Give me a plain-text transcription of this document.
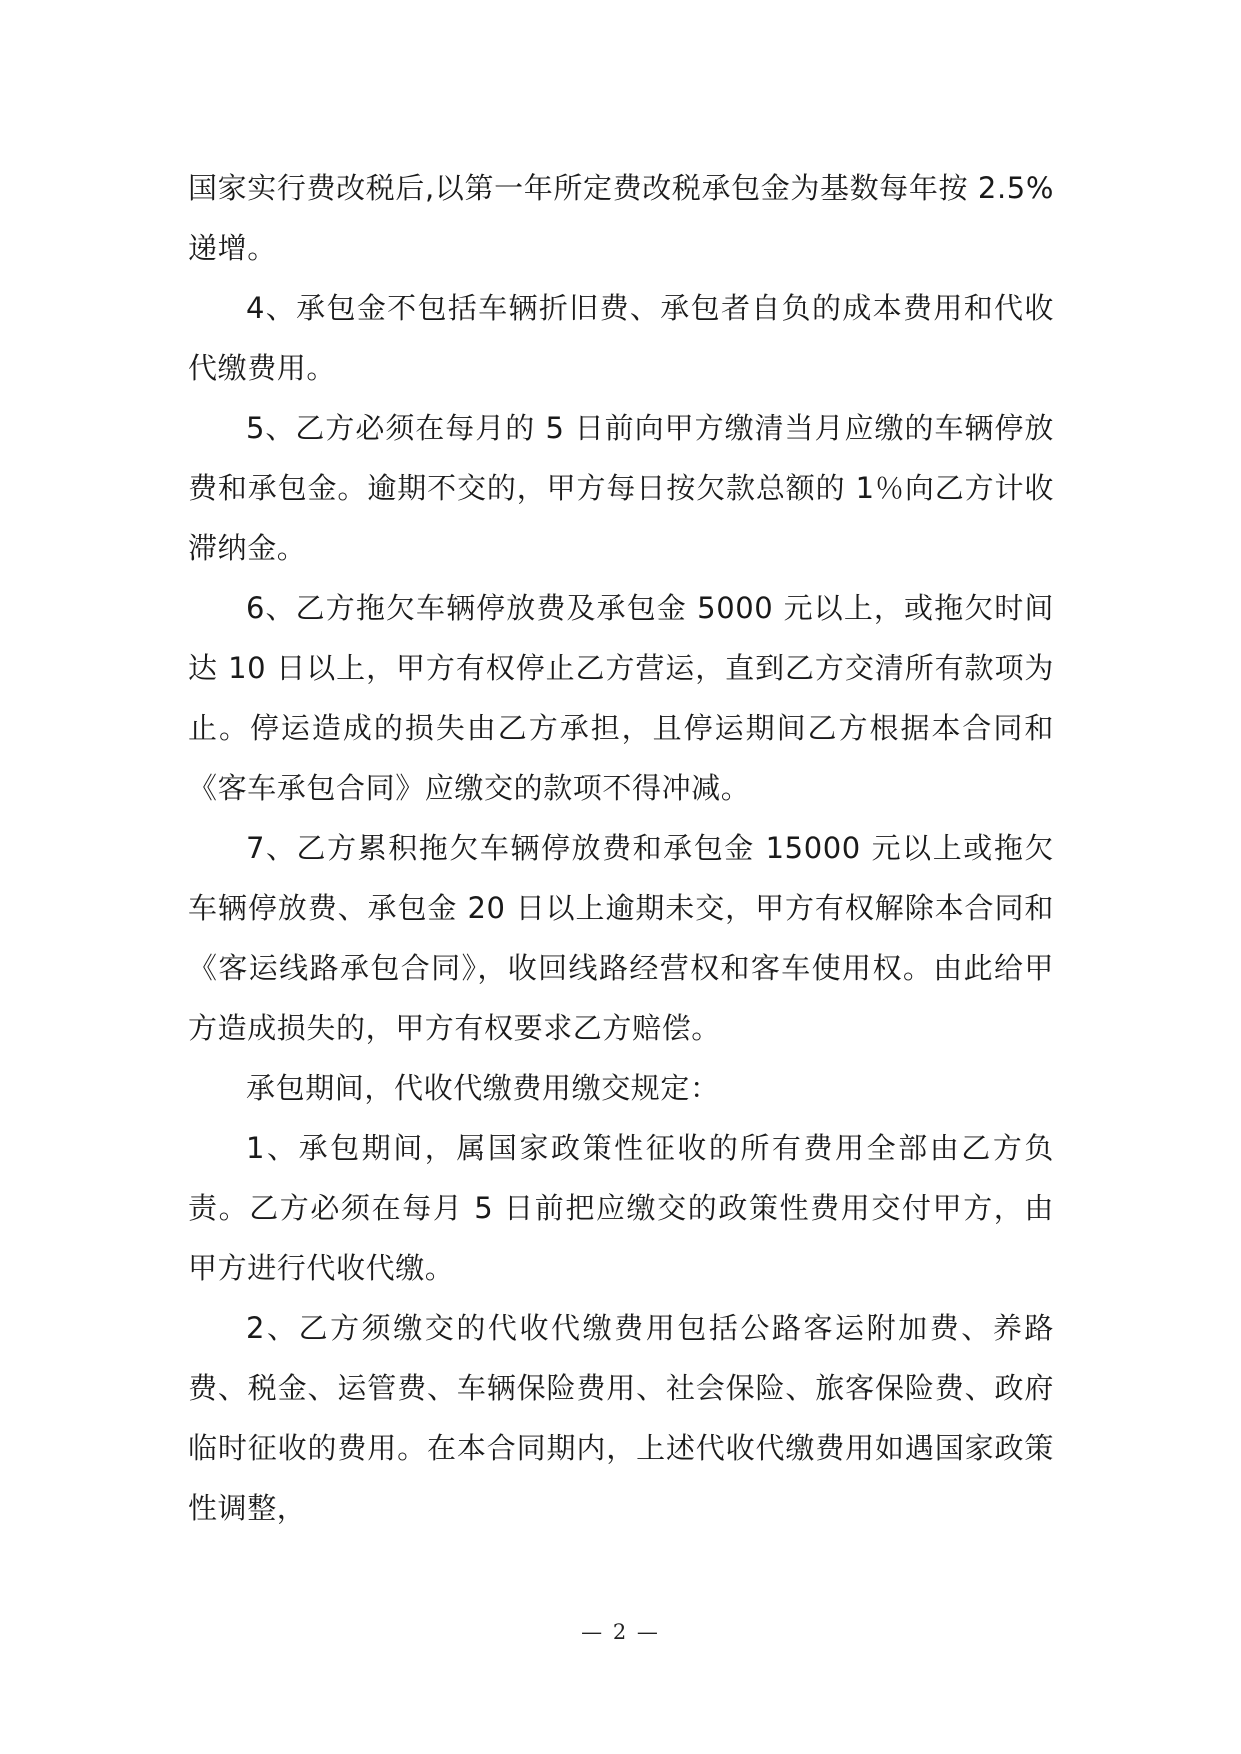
国家实行费改税后,以第一年所定费改税承包金为基数每年按 2.5%递增。

4、承包金不包括车辆折旧费、承包者自负的成本费用和代收代缴费用。

5、乙方必须在每月的 5 日前向甲方缴清当月应缴的车辆停放费和承包金。逾期不交的，甲方每日按欠款总额的 1％向乙方计收滞纳金。

6、乙方拖欠车辆停放费及承包金 5000 元以上，或拖欠时间达 10 日以上，甲方有权停止乙方营运，直到乙方交清所有款项为止。停运造成的损失由乙方承担，且停运期间乙方根据本合同和《客车承包合同》应缴交的款项不得冲减。

7、乙方累积拖欠车辆停放费和承包金 15000 元以上或拖欠车辆停放费、承包金 20 日以上逾期未交，甲方有权解除本合同和《客运线路承包合同》，收回线路经营权和客车使用权。由此给甲方造成损失的，甲方有权要求乙方赔偿。

承包期间，代收代缴费用缴交规定：

1、承包期间，属国家政策性征收的所有费用全部由乙方负责。乙方必须在每月 5 日前把应缴交的政策性费用交付甲方，由甲方进行代收代缴。

2、乙方须缴交的代收代缴费用包括公路客运附加费、养路费、税金、运管费、车辆保险费用、社会保险、旅客保险费、政府临时征收的费用。在本合同期内，上述代收代缴费用如遇国家政策性调整，

— 2 —
